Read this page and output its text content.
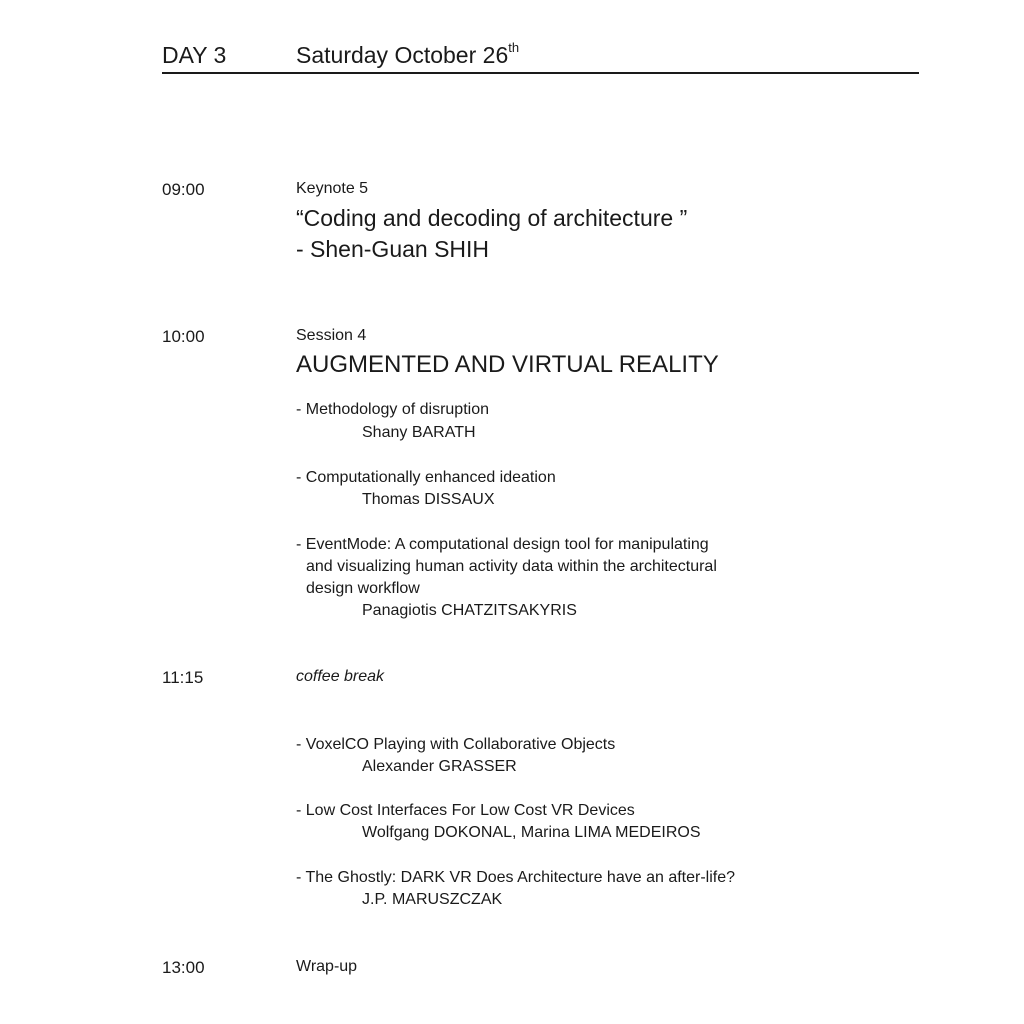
DAY 3	Saturday October 26th
09:00	Keynote 5
“Coding and decoding of architecture ”
- Shen-Guan SHIH
10:00	Session 4
AUGMENTED AND VIRTUAL REALITY
- Methodology of disruption
Shany BARATH
- Computationally enhanced ideation
Thomas DISSAUX
- EventMode: A computational design tool for manipulating
and visualizing human activity data within the architectural
design workflow
Panagiotis CHATZITSAKYRIS
11:15	coffee break
- VoxelCO Playing with Collaborative Objects
Alexander GRASSER
- Low Cost Interfaces For Low Cost VR Devices
Wolfgang DOKONAL, Marina LIMA MEDEIROS
- The Ghostly: DARK VR Does Architecture have an after-life?
J.P. MARUSZCZAK
13:00	Wrap-up
